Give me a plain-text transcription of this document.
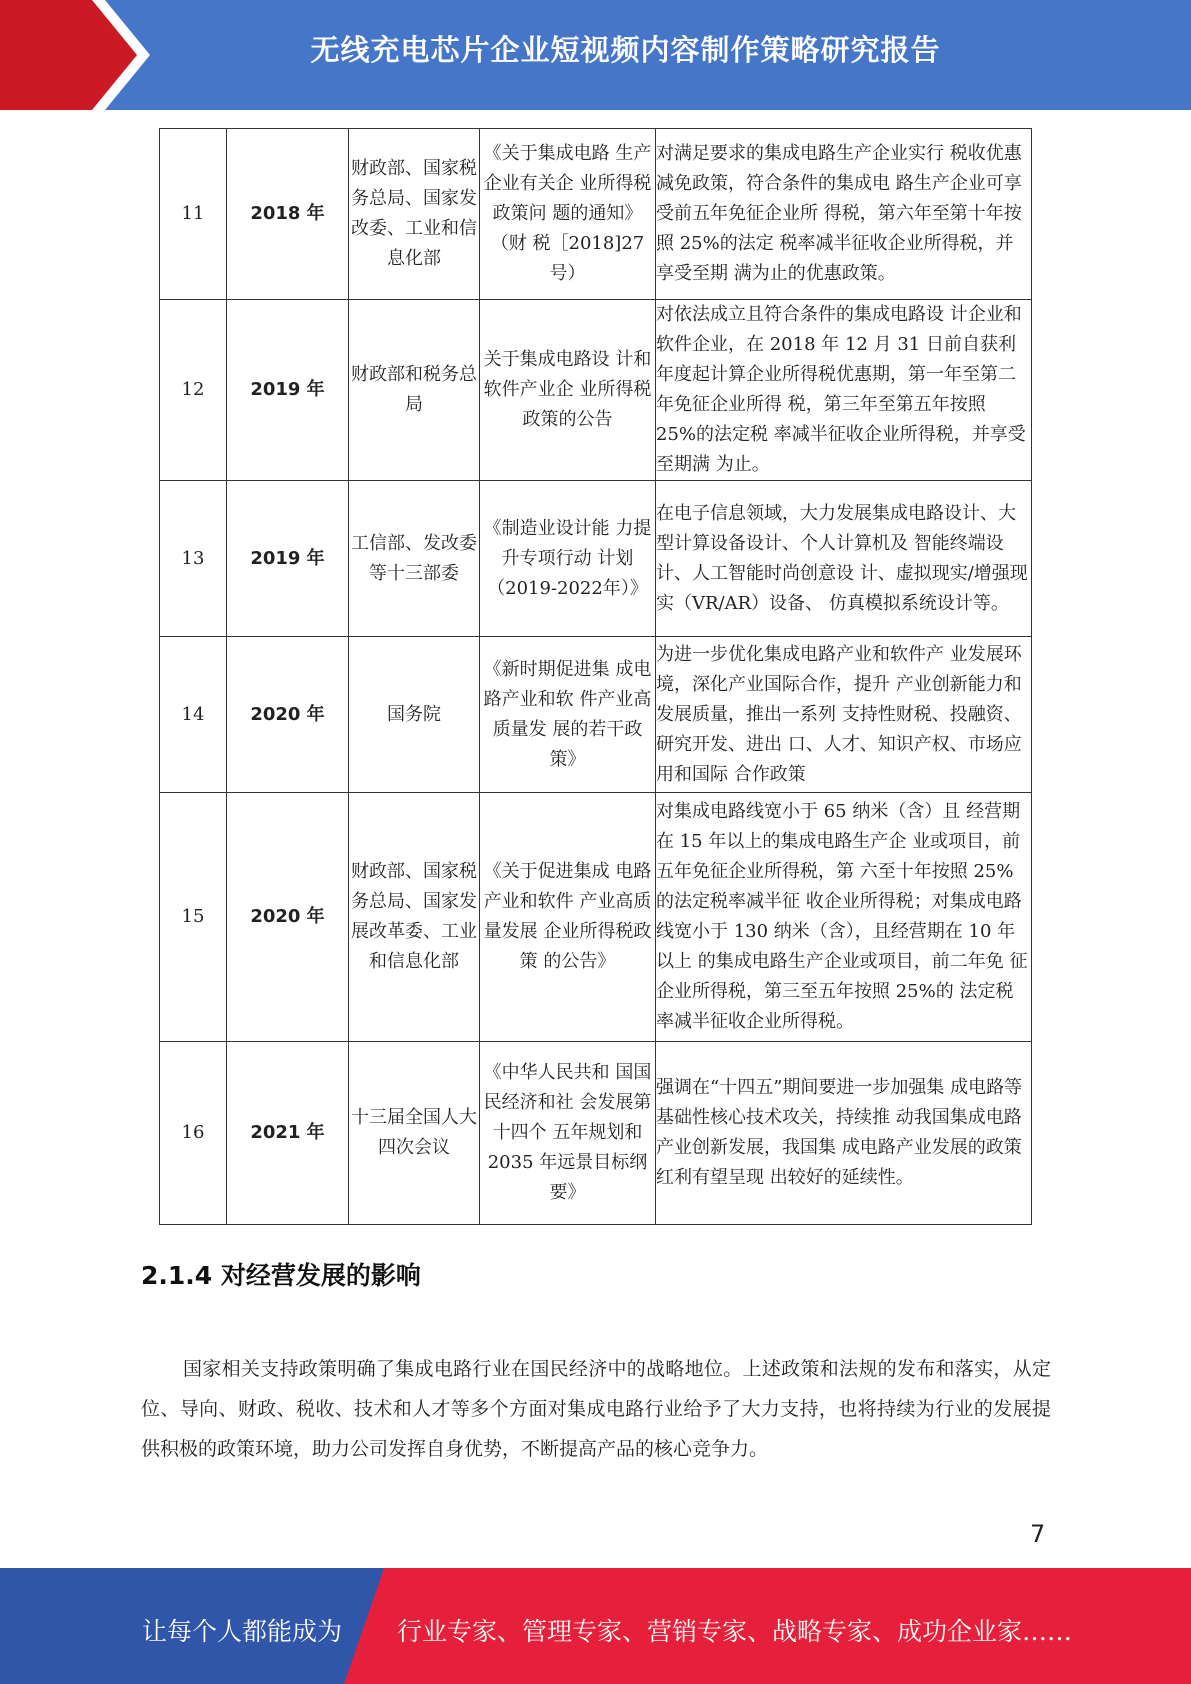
无线充电芯片企业短视频内容制作策略研究报告
11	2018 年	财政部、国家税务总局、国家发改委、工业和信息化部	《关于集成电路 生产企业有关企 业所得税政策问 题的通知》（财 税［2018]27 号）	对满足要求的集成电路生产企业实行 税收优惠减免政策，符合条件的集成电 路生产企业可享受前五年免征企业所 得税，第六年至第十年按照 25%的法定 税率减半征收企业所得税，并享受至期 满为止的优惠政策。
12	2019 年	财政部和税务总局	关于集成电路设 计和软件产业企 业所得税政策的公告	对依法成立且符合条件的集成电路设 计企业和软件企业，在 2018 年 12 月 31 日前自获利年度起计算企业所得税优惠期，第一年至第二年免征企业所得 税，第三年至第五年按照 25%的法定税 率减半征收企业所得税，并享受至期满 为止。
13	2019 年	工信部、发改委等十三部委	《制造业设计能 力提升专项行动 计划（2019-2022年）》	在电子信息领域，大力发展集成电路设计、大型计算设备设计、个人计算机及 智能终端设计、人工智能时尚创意设 计、虚拟现实/增强现实（VR/AR）设备、 仿真模拟系统设计等。
14	2020 年	国务院	《新时期促进集 成电路产业和软 件产业高质量发 展的若干政策》	为进一步优化集成电路产业和软件产 业发展环境，深化产业国际合作，提升 产业创新能力和发展质量，推出一系列 支持性财税、投融资、研究开发、进出 口、人才、知识产权、市场应用和国际 合作政策
15	2020 年	财政部、国家税务总局、国家发展改革委、工业和信息化部	《关于促进集成 电路产业和软件 产业高质量发展 企业所得税政策 的公告》	对集成电路线宽小于 65 纳米（含）且 经营期在 15 年以上的集成电路生产企 业或项目，前五年免征企业所得税，第 六至十年按照 25%的法定税率减半征 收企业所得税；对集成电路线宽小于 130 纳米（含），且经营期在 10 年以上 的集成电路生产企业或项目，前二年免 征企业所得税，第三至五年按照 25%的 法定税率减半征收企业所得税。
16	2021 年	十三届全国人大四次会议	《中华人民共和 国国民经济和社 会发展第十四个 五年规划和 2035 年远景目标纲 要》	强调在“十四五”期间要进一步加强集 成电路等基础性核心技术攻关，持续推 动我国集成电路产业创新发展，我国集 成电路产业发展的政策红利有望呈现 出较好的延续性。
2.1.4 对经营发展的影响

国家相关支持政策明确了集成电路行业在国民经济中的战略地位。上述政策和法规的发布和落实，从定位、导向、财政、税收、技术和人才等多个方面对集成电路行业给予了大力支持，也将持续为行业的发展提供积极的政策环境，助力公司发挥自身优势，不断提高产品的核心竞争力。

7
让每个人都能成为 行业专家、管理专家、营销专家、战略专家、成功企业家……
